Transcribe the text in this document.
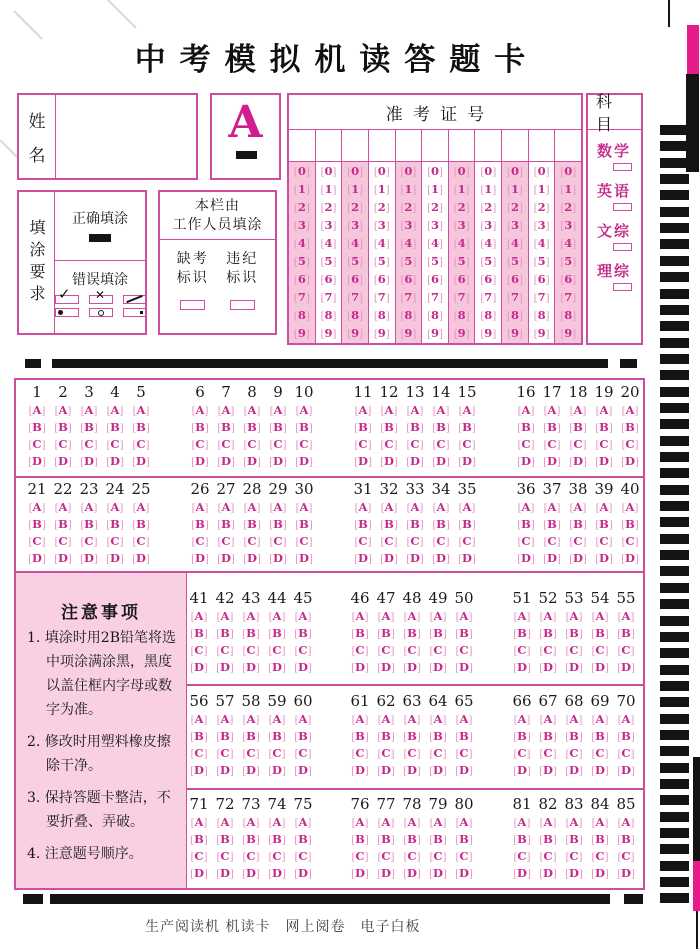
中考模拟机读答题卡
姓
名
A	准考证号
[0]
[1]
[2]
[3]
[4]
[5]
[6]
[7]
[8]
[9]
[0]
[1]
[2]
[3]
[4]
[5]
[6]
[7]
[8]
[9]
[0]
[1]
[2]
[3]
[4]
[5]
[6]
[7]
[8]
[9]
[0]
[1]
[2]
[3]
[4]
[5]
[6]
[7]
[8]
[9]
[0]
[1]
[2]
[3]
[4]
[5]
[6]
[7]
[8]
[9]
[0]
[1]
[2]
[3]
[4]
[5]
[6]
[7]
[8]
[9]
[0]
[1]
[2]
[3]
[4]
[5]
[6]
[7]
[8]
[9]
[0]
[1]
[2]
[3]
[4]
[5]
[6]
[7]
[8]
[9]
[0]
[1]
[2]
[3]
[4]
[5]
[6]
[7]
[8]
[9]
[0]
[1]
[2]
[3]
[4]
[5]
[6]
[7]
[8]
[9]
[0]
[1]
[2]
[3]
[4]
[5]
[6]
[7]
[8]
[9]
科目
数学
英语
文综
理综
填涂要求	正确填涂
错误填涂
✓
✕
本栏由
工作人员填涂
缺考
标识
违纪
标识
注意事项
1. 填涂时用2B铅笔将选中项涂满涂黑，黑度以盖住框内字母或数字为准。
2. 修改时用塑料橡皮擦除干净。
3. 保持答题卡整洁，不要折叠、弄破。
4. 注意题号顺序。
1
[A]
[B]
[C]
[D]
2
[A]
[B]
[C]
[D]
3
[A]
[B]
[C]
[D]
4
[A]
[B]
[C]
[D]
5
[A]
[B]
[C]
[D]
6
[A]
[B]
[C]
[D]
7
[A]
[B]
[C]
[D]
8
[A]
[B]
[C]
[D]
9
[A]
[B]
[C]
[D]
10
[A]
[B]
[C]
[D]
11
[A]
[B]
[C]
[D]
12
[A]
[B]
[C]
[D]
13
[A]
[B]
[C]
[D]
14
[A]
[B]
[C]
[D]
15
[A]
[B]
[C]
[D]
16
[A]
[B]
[C]
[D]
17
[A]
[B]
[C]
[D]
18
[A]
[B]
[C]
[D]
19
[A]
[B]
[C]
[D]
20
[A]
[B]
[C]
[D]
21
[A]
[B]
[C]
[D]
22
[A]
[B]
[C]
[D]
23
[A]
[B]
[C]
[D]
24
[A]
[B]
[C]
[D]
25
[A]
[B]
[C]
[D]
26
[A]
[B]
[C]
[D]
27
[A]
[B]
[C]
[D]
28
[A]
[B]
[C]
[D]
29
[A]
[B]
[C]
[D]
30
[A]
[B]
[C]
[D]
31
[A]
[B]
[C]
[D]
32
[A]
[B]
[C]
[D]
33
[A]
[B]
[C]
[D]
34
[A]
[B]
[C]
[D]
35
[A]
[B]
[C]
[D]
36
[A]
[B]
[C]
[D]
37
[A]
[B]
[C]
[D]
38
[A]
[B]
[C]
[D]
39
[A]
[B]
[C]
[D]
40
[A]
[B]
[C]
[D]
41
[A]
[B]
[C]
[D]
42
[A]
[B]
[C]
[D]
43
[A]
[B]
[C]
[D]
44
[A]
[B]
[C]
[D]
45
[A]
[B]
[C]
[D]
46
[A]
[B]
[C]
[D]
47
[A]
[B]
[C]
[D]
48
[A]
[B]
[C]
[D]
49
[A]
[B]
[C]
[D]
50
[A]
[B]
[C]
[D]
51
[A]
[B]
[C]
[D]
52
[A]
[B]
[C]
[D]
53
[A]
[B]
[C]
[D]
54
[A]
[B]
[C]
[D]
55
[A]
[B]
[C]
[D]
56
[A]
[B]
[C]
[D]
57
[A]
[B]
[C]
[D]
58
[A]
[B]
[C]
[D]
59
[A]
[B]
[C]
[D]
60
[A]
[B]
[C]
[D]
61
[A]
[B]
[C]
[D]
62
[A]
[B]
[C]
[D]
63
[A]
[B]
[C]
[D]
64
[A]
[B]
[C]
[D]
65
[A]
[B]
[C]
[D]
66
[A]
[B]
[C]
[D]
67
[A]
[B]
[C]
[D]
68
[A]
[B]
[C]
[D]
69
[A]
[B]
[C]
[D]
70
[A]
[B]
[C]
[D]
71
[A]
[B]
[C]
[D]
72
[A]
[B]
[C]
[D]
73
[A]
[B]
[C]
[D]
74
[A]
[B]
[C]
[D]
75
[A]
[B]
[C]
[D]
76
[A]
[B]
[C]
[D]
77
[A]
[B]
[C]
[D]
78
[A]
[B]
[C]
[D]
79
[A]
[B]
[C]
[D]
80
[A]
[B]
[C]
[D]
81
[A]
[B]
[C]
[D]
82
[A]
[B]
[C]
[D]
83
[A]
[B]
[C]
[D]
84
[A]
[B]
[C]
[D]
85
[A]
[B]
[C]
[D]
生产阅读机 机读卡　网上阅卷　电子白板
